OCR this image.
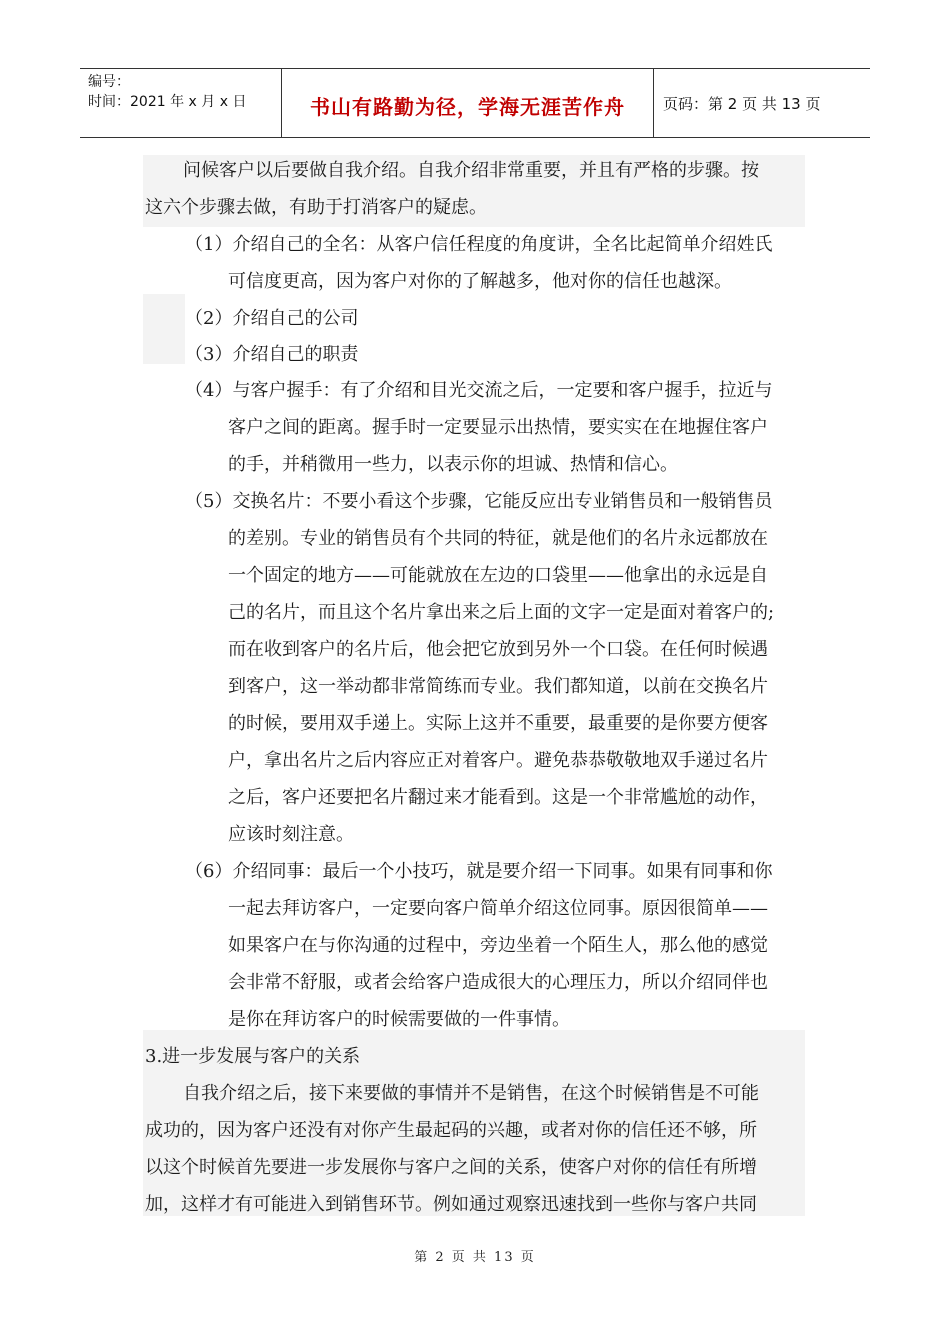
编号：
时间：2021 年 x 月 x 日	书山有路勤为径，学海无涯苦作舟	页码：第 2 页 共 13 页
问候客户以后要做自我介绍。自我介绍非常重要，并且有严格的步骤。按
这六个步骤去做，有助于打消客户的疑虑。
（1）介绍自己的全名：从客户信任程度的角度讲，全名比起简单介绍姓氏
可信度更高，因为客户对你的了解越多，他对你的信任也越深。
（2）介绍自己的公司
（3）介绍自己的职责
（4）与客户握手：有了介绍和目光交流之后，一定要和客户握手，拉近与
客户之间的距离。握手时一定要显示出热情，要实实在在地握住客户
的手，并稍微用一些力，以表示你的坦诚、热情和信心。
（5）交换名片：不要小看这个步骤，它能反应出专业销售员和一般销售员
的差别。专业的销售员有个共同的特征，就是他们的名片永远都放在
一个固定的地方——可能就放在左边的口袋里——他拿出的永远是自
己的名片，而且这个名片拿出来之后上面的文字一定是面对着客户的;
而在收到客户的名片后，他会把它放到另外一个口袋。在任何时候遇
到客户，这一举动都非常简练而专业。我们都知道，以前在交换名片
的时候，要用双手递上。实际上这并不重要，最重要的是你要方便客
户，拿出名片之后内容应正对着客户。避免恭恭敬敬地双手递过名片
之后，客户还要把名片翻过来才能看到。这是一个非常尴尬的动作，
应该时刻注意。
（6）介绍同事：最后一个小技巧，就是要介绍一下同事。如果有同事和你
一起去拜访客户，一定要向客户简单介绍这位同事。原因很简单——
如果客户在与你沟通的过程中，旁边坐着一个陌生人，那么他的感觉
会非常不舒服，或者会给客户造成很大的心理压力，所以介绍同伴也
是你在拜访客户的时候需要做的一件事情。
3.进一步发展与客户的关系
自我介绍之后，接下来要做的事情并不是销售，在这个时候销售是不可能
成功的，因为客户还没有对你产生最起码的兴趣，或者对你的信任还不够，所
以这个时候首先要进一步发展你与客户之间的关系，使客户对你的信任有所增
加，这样才有可能进入到销售环节。例如通过观察迅速找到一些你与客户共同
第 2 页 共 13 页
